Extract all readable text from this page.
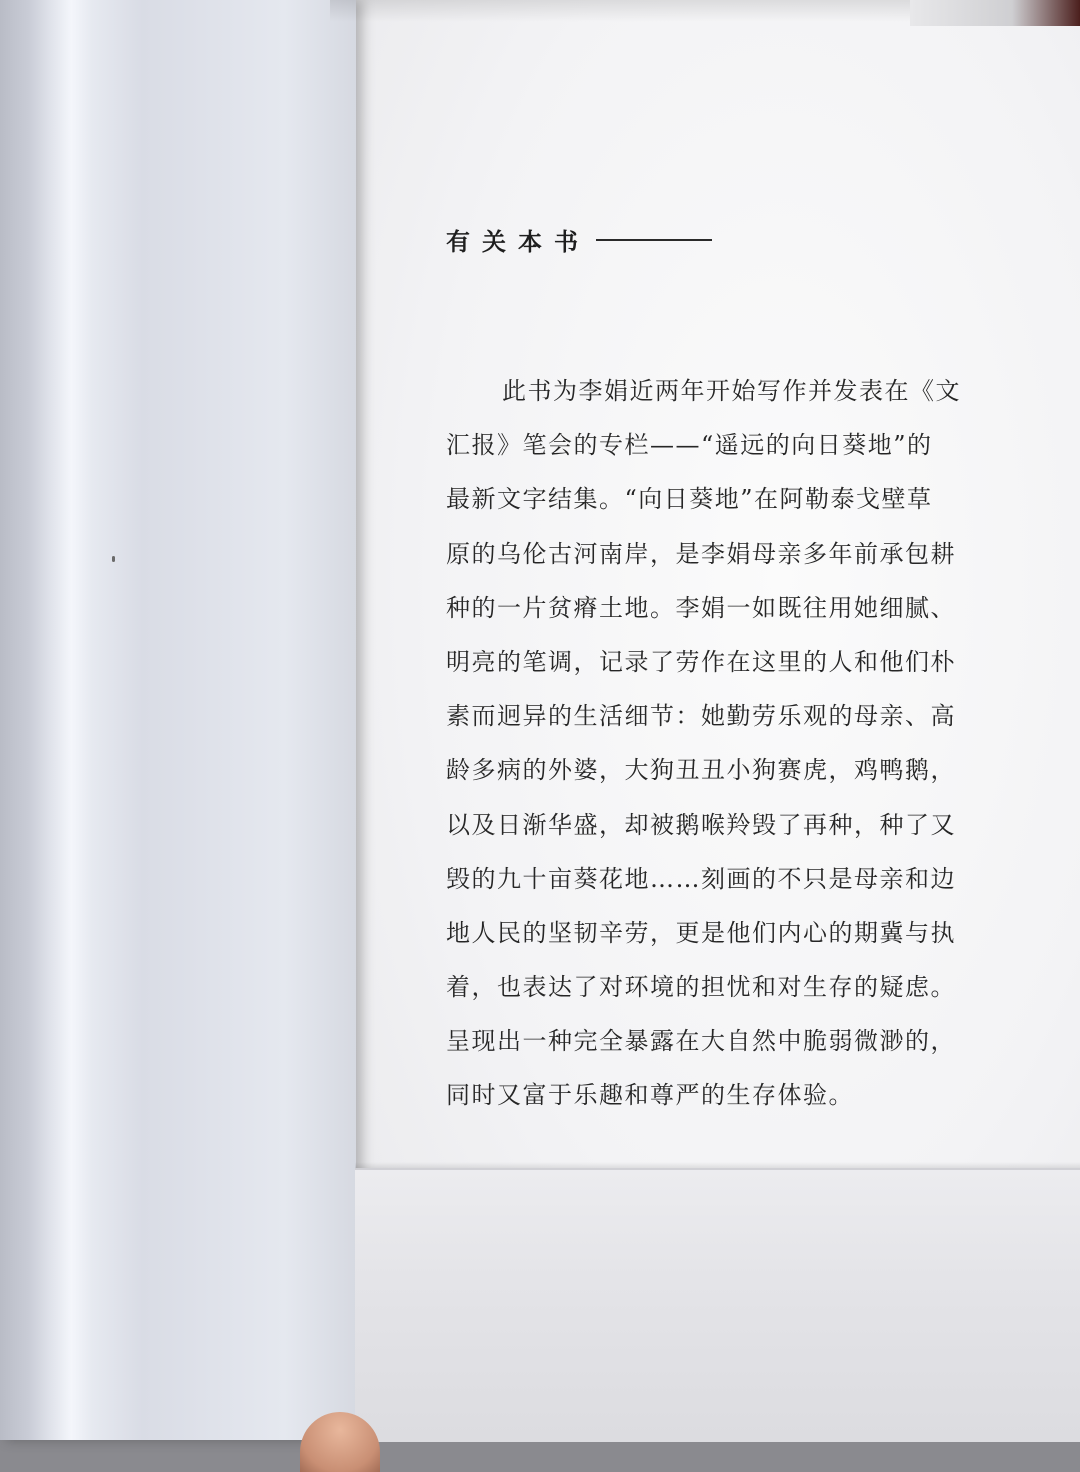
有关本书
此书为李娟近两年开始写作并发表在《文
汇报》笔会的专栏——“遥远的向日葵地”的
最新文字结集。“向日葵地”在阿勒泰戈壁草
原的乌伦古河南岸，是李娟母亲多年前承包耕
种的一片贫瘠土地。李娟一如既往用她细腻、
明亮的笔调，记录了劳作在这里的人和他们朴
素而迥异的生活细节：她勤劳乐观的母亲、高
龄多病的外婆，大狗丑丑小狗赛虎，鸡鸭鹅，
以及日渐华盛，却被鹅喉羚毁了再种，种了又
毁的九十亩葵花地……刻画的不只是母亲和边
地人民的坚韧辛劳，更是他们内心的期冀与执
着，也表达了对环境的担忧和对生存的疑虑。
呈现出一种完全暴露在大自然中脆弱微渺的，
同时又富于乐趣和尊严的生存体验。
